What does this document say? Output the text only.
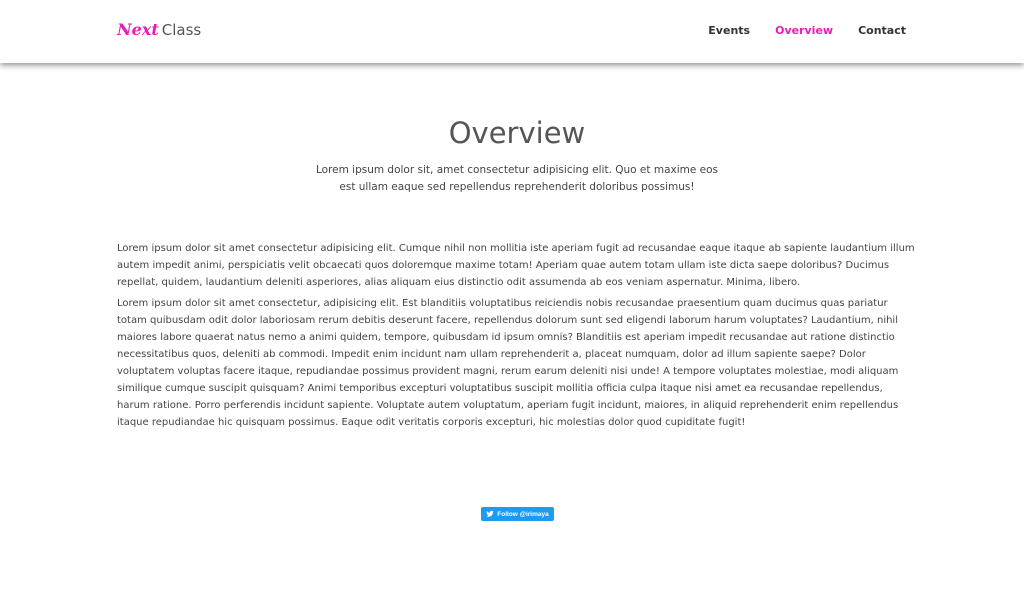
Next Class	Events Overview Contact
Overview

Lorem ipsum dolor sit, amet consectetur adipisicing elit. Quo et maxime eos est ullam eaque sed repellendus reprehenderit doloribus possimus!

Lorem ipsum dolor sit amet consectetur adipisicing elit. Cumque nihil non mollitia iste aperiam fugit ad recusandae eaque itaque ab sapiente laudantium illum autem impedit animi, perspiciatis velit obcaecati quos doloremque maxime totam! Aperiam quae autem totam ullam iste dicta saepe doloribus? Ducimus repellat, quidem, laudantium deleniti asperiores, alias aliquam eius distinctio odit assumenda ab eos veniam aspernatur. Minima, libero.

Lorem ipsum dolor sit amet consectetur, adipisicing elit. Est blanditiis voluptatibus reiciendis nobis recusandae praesentium quam ducimus quas pariatur totam quibusdam odit dolor laboriosam rerum debitis deserunt facere, repellendus dolorum sunt sed eligendi laborum harum voluptates? Laudantium, nihil maiores labore quaerat natus nemo a animi quidem, tempore, quibusdam id ipsum omnis? Blanditiis est aperiam impedit recusandae aut ratione distinctio necessitatibus quos, deleniti ab commodi. Impedit enim incidunt nam ullam reprehenderit a, placeat numquam, dolor ad illum sapiente saepe? Dolor voluptatem voluptas facere itaque, repudiandae possimus provident magni, rerum earum deleniti nisi unde! A tempore voluptates molestiae, modi aliquam similique cumque suscipit quisquam? Animi temporibus excepturi voluptatibus suscipit mollitia officia culpa itaque nisi amet ea recusandae repellendus, harum ratione. Porro perferendis incidunt sapiente. Voluptate autem voluptatum, aperiam fugit incidunt, maiores, in aliquid reprehenderit enim repellendus itaque repudiandae hic quisquam possimus. Eaque odit veritatis corporis excepturi, hic molestias dolor quod cupiditate fugit!

Follow @irimaya
